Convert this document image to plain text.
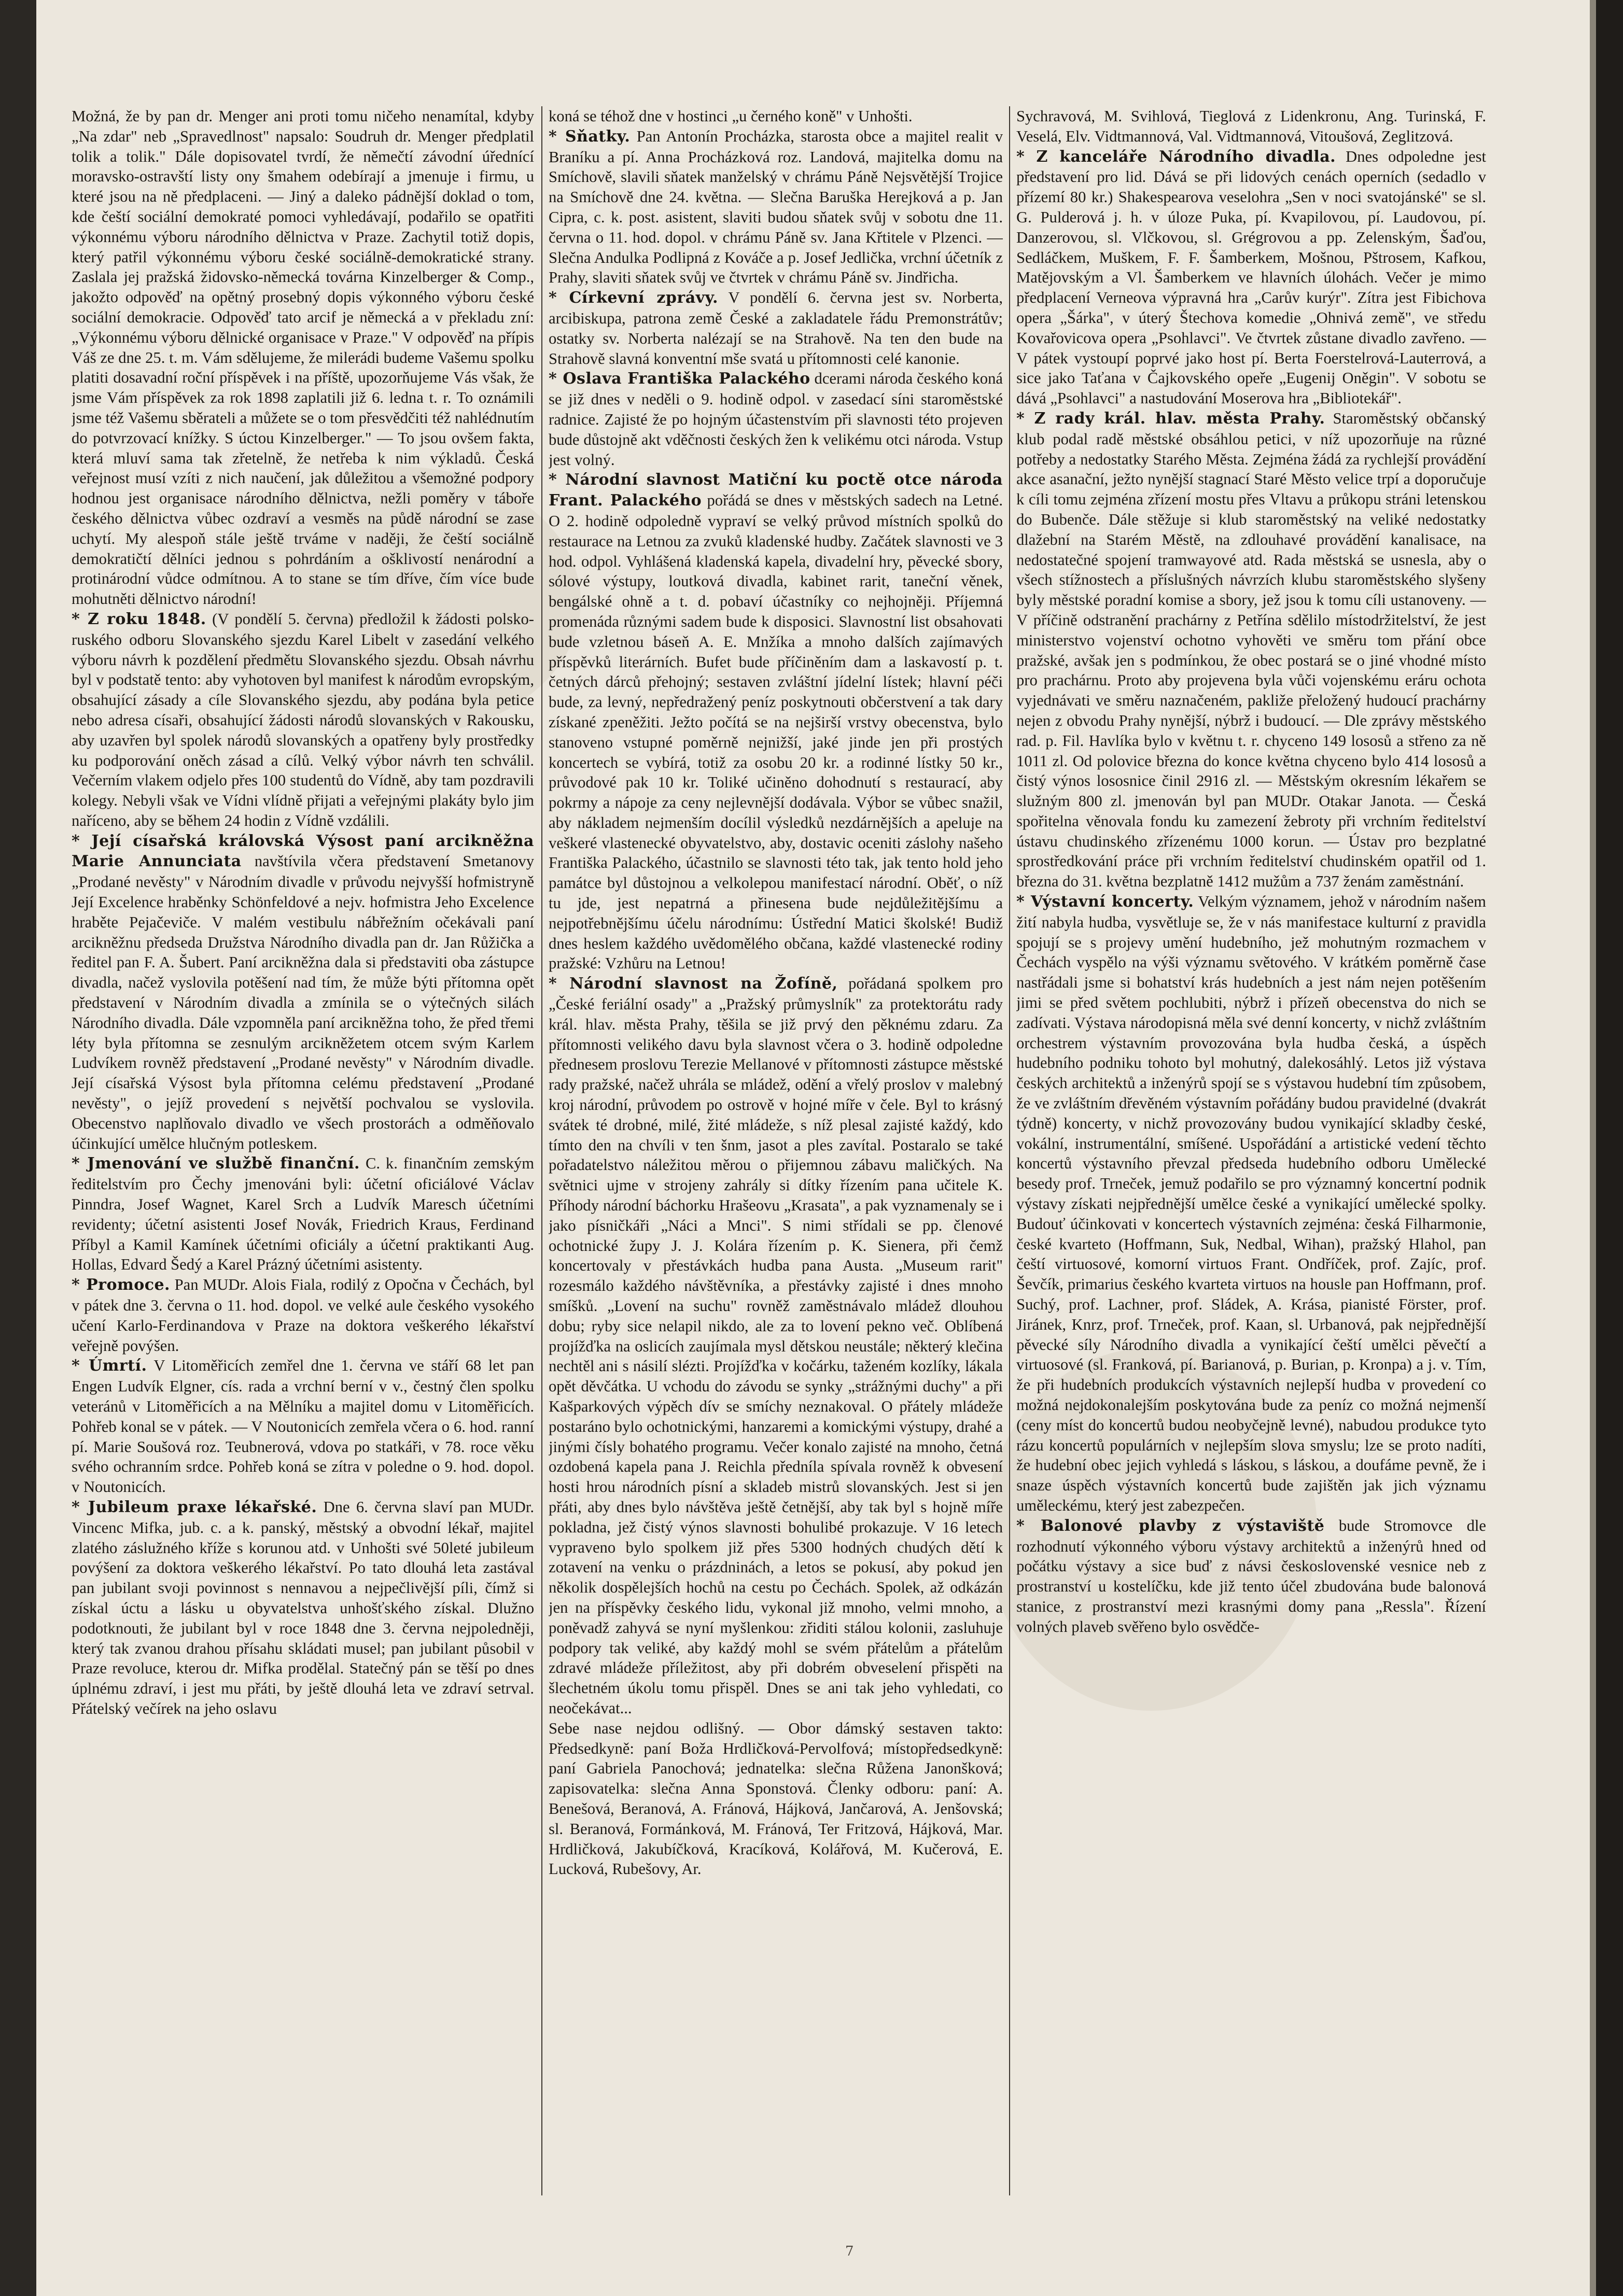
Možná, že by pan dr. Menger ani proti tomu ničeho nenamítal, kdyby „Na zdar" neb „Spravedlnost" napsalo: Soudruh dr. Menger předplatil tolik a tolik." Dále dopisovatel tvrdí, že němečtí závodní úřednící moravsko-ostravští listy ony šmahem odebírají a jmenuje i firmu, u které jsou na ně předplaceni. — Jiný a daleko pádnější doklad o tom, kde čeští sociální demokraté pomoci vyhledávají, podařilo se opatřiti výkonnému výboru národního dělnictva v Praze. Zachytil totiž dopis, který patřil výkonnému výboru české sociálně-demokratické strany. Zaslala jej pražská židovsko-německá továrna Kinzelberger & Comp., jakožto odpověď na opětný prosebný dopis výkonného výboru české sociální demokracie. Odpověď tato arcif je německá a v překladu zní: „Výkonnému výboru dělnické organisace v Praze." V odpověď na přípis Váš ze dne 25. t. m. Vám sdělujeme, že milerádi budeme Vašemu spolku platiti dosavadní roční příspěvek i na příště, upozorňujeme Vás však, že jsme Vám příspěvek za rok 1898 zaplatili již 6. ledna t. r. To oznámili jsme též Vašemu sběrateli a můžete se o tom přesvědčiti též nahlédnutím do potvrzovací knížky. S úctou Kinzelberger." — To jsou ovšem fakta, která mluví sama tak zřetelně, že netřeba k nim výkladů. Česká veřejnost musí vzíti z nich naučení, jak důležitou a všemožné podpory hodnou jest organisace národního dělnictva, nežli poměry v táboře českého dělnictva vůbec ozdraví a vesměs na půdě národní se zase uchytí. My alespoň stále ještě trváme v naději, že čeští sociálně demokratičtí dělníci jednou s pohrdáním a ošklivostí nenárodní a protinárodní vůdce odmítnou. A to stane se tím dříve, čím více bude mohutněti dělnictvo národní!

* Z roku 1848. (V pondělí 5. června) předložil k žádosti polsko-ruského odboru Slovanského sjezdu Karel Libelt v zasedání velkého výboru návrh k pozdělení předmětu Slovanského sjezdu. Obsah návrhu byl v podstatě tento: aby vyhotoven byl manifest k národům evropským, obsahující zásady a cíle Slovanského sjezdu, aby podána byla petice nebo adresa císaři, obsahující žádosti národů slovanských v Rakousku, aby uzavřen byl spolek národů slovanských a opatřeny byly prostředky ku podporování oněch zásad a cílů. Velký výbor návrh ten schválil. Večerním vlakem odjelo přes 100 studentů do Vídně, aby tam pozdravili kolegy. Nebyli však ve Vídni vlídně přijati a veřejnými plakáty bylo jim naříceno, aby se během 24 hodin z Vídně vzdálili.

* Její císařská královská Výsost paní arcikněžna Marie Annunciata navštívila včera představení Smetanovy „Prodané nevěsty" v Národním divadle v průvodu nejvyšší hofmistryně Její Excelence hraběnky Schönfeldové a nejv. hofmistra Jeho Excelence hraběte Pejačeviče. V malém vestibulu nábřežním očekávali paní arcikněžnu předseda Družstva Národního divadla pan dr. Jan Růžička a ředitel pan F. A. Šubert. Paní arcikněžna dala si představiti oba zástupce divadla, načež vyslovila potěšení nad tím, že může býti přítomna opět představení v Národním divadla a zmínila se o výtečných silách Národního divadla. Dále vzpomněla paní arcikněžna toho, že před třemi léty byla přítomna se zesnulým arcikněžetem otcem svým Karlem Ludvíkem rovněž představení „Prodané nevěsty" v Národním divadle. Její císařská Výsost byla přítomna celému představení „Prodané nevěsty", o jejíž provedení s největší pochvalou se vyslovila. Obecenstvo naplňovalo divadlo ve všech prostorách a odměňovalo účinkující umělce hlučným potleskem.

* Jmenování ve službě finanční. C. k. finančním zemským ředitelstvím pro Čechy jmenováni byli: účetní oficiálové Václav Pinndra, Josef Wagnet, Karel Srch a Ludvík Maresch účetními revidenty; účetní asistenti Josef Novák, Friedrich Kraus, Ferdinand Příbyl a Kamil Kamínek účetními oficiály a účetní praktikanti Aug. Hollas, Edvard Šedý a Karel Prázný účetními asistenty.

* Promoce. Pan MUDr. Alois Fiala, rodilý z Opočna v Čechách, byl v pátek dne 3. června o 11. hod. dopol. ve velké aule českého vysokého učení Karlo-Ferdinandova v Praze na doktora veškerého lékařství veřejně povýšen.

* Úmrtí. V Litoměřicích zemřel dne 1. června ve stáří 68 let pan Engen Ludvík Elgner, cís. rada a vrchní berní v v., čestný člen spolku veteránů v Litoměřicích a na Mělníku a majitel domu v Litoměřicích. Pohřeb konal se v pátek. — V Noutonicích zemřela včera o 6. hod. ranní pí. Marie Soušová roz. Teubnerová, vdova po statkáři, v 78. roce věku svého ochranním srdce. Pohřeb koná se zítra v poledne o 9. hod. dopol. v Noutonicích.

* Jubileum praxe lékařské. Dne 6. června slaví pan MUDr. Vincenc Mifka, jub. c. a k. panský, městský a obvodní lékař, majitel zlatého záslužného kříže s korunou atd. v Unhošti své 50leté jubileum povýšení za doktora veškerého lékařství. Po tato dlouhá leta zastával pan jubilant svoji povinnost s nennavou a nejpečlivější píli, čímž si získal úctu a lásku u obyvatelstva unhošťského získal. Dlužno podotknouti, že jubilant byl v roce 1848 dne 3. června nejpoledněji, který tak zvanou drahou přísahu skládati musel; pan jubilant působil v Praze revoluce, kterou dr. Mifka prodělal. Statečný pán se těší po dnes úplnému zdraví, i jest mu přáti, by ještě dlouhá leta ve zdraví setrval. Přátelský večírek na jeho oslavu

koná se téhož dne v hostinci „u černého koně" v Unhošti.

* Sňatky. Pan Antonín Procházka, starosta obce a majitel realit v Braníku a pí. Anna Procházková roz. Landová, majitelka domu na Smíchově, slavili sňatek manželský v chrámu Páně Nejsvětější Trojice na Smíchově dne 24. května. — Slečna Baruška Herejková a p. Jan Cipra, c. k. post. asistent, slaviti budou sňatek svůj v sobotu dne 11. června o 11. hod. dopol. v chrámu Páně sv. Jana Křtitele v Plzenci. — Slečna Andulka Podlipná z Kováče a p. Josef Jedlička, vrchní účetník z Prahy, slaviti sňatek svůj ve čtvrtek v chrámu Páně sv. Jindřicha.

* Církevní zprávy. V pondělí 6. června jest sv. Norberta, arcibiskupa, patrona země České a zakladatele řádu Premonstrátův; ostatky sv. Norberta nalézají se na Strahově. Na ten den bude na Strahově slavná konventní mše svatá u přítomnosti celé kanonie.

* Oslava Františka Palackého dcerami národa českého koná se již dnes v neděli o 9. hodině odpol. v zasedací síni staroměstské radnice. Zajisté že po hojným účastenstvím při slavnosti této projeven bude důstojně akt vděčnosti českých žen k velikému otci národa. Vstup jest volný.

* Národní slavnost Matiční ku poctě otce národa Frant. Palackého pořádá se dnes v městských sadech na Letné. O 2. hodině odpoledně vypraví se velký průvod místních spolků do restaurace na Letnou za zvuků kladenské hudby. Začátek slavnosti ve 3 hod. odpol. Vyhlášená kladenská kapela, divadelní hry, pěvecké sbory, sólové výstupy, loutková divadla, kabinet rarit, taneční věnek, bengálské ohně a t. d. pobaví účastníky co nejhojněji. Příjemná promenáda různými sadem bude k disposici. Slavnostní list obsahovati bude vzletnou báseň A. E. Mnžíka a mnoho dalších zajímavých příspěvků literárních. Bufet bude příčiněním dam a laskavostí p. t. četných dárců přehojný; sestaven zvláštní jídelní lístek; hlavní péči bude, za levný, nepředražený peníz poskytnouti občerstvení a tak dary získané zpeněžiti. Ježto počítá se na nejširší vrstvy obecenstva, bylo stanoveno vstupné poměrně nejnižší, jaké jinde jen při prostých koncertech se vybírá, totiž za osobu 20 kr. a rodinné lístky 50 kr., průvodové pak 10 kr. Toliké učiněno dohodnutí s restaurací, aby pokrmy a nápoje za ceny nejlevnější dodávala. Výbor se vůbec snažil, aby nákladem nejmenším docílil výsledků nezdárnějších a apeluje na veškeré vlastenecké obyvatelstvo, aby, dostavic oceniti záslohy našeho Františka Palackého, účastnilo se slavnosti této tak, jak tento hold jeho památce byl důstojnou a velkolepou manifestací národní. Oběť, o níž tu jde, jest nepatrná a přinesena bude nejdůležitějšímu a nejpotřebnějšímu účelu národnímu: Ústřední Matici školské! Budiž dnes heslem každého uvědomělého občana, každé vlastenecké rodiny pražské: Vzhůru na Letnou!

* Národní slavnost na Žofíně, pořádaná spolkem pro „České feriální osady" a „Pražský průmyslník" za protektorátu rady král. hlav. města Prahy, těšila se již prvý den pěknému zdaru. Za přítomnosti velikého davu byla slavnost včera o 3. hodině odpoledne přednesem proslovu Terezie Mellanové v přítomnosti zástupce městské rady pražské, načež uhrála se mládež, odění a vřelý proslov v malebný kroj národní, průvodem po ostrově v hojné míře v čele. Byl to krásný svátek té drobné, milé, žité mládeže, s níž plesal zajisté každý, kdo tímto den na chvíli v ten šnm, jasot a ples zavítal. Postaralo se také pořadatelstvo náležitou měrou o přijemnou zábavu maličkých. Na světnici ujme v strojeny zahrály si dítky řízením pana učitele K. Příhody národní báchorku Hrašeovu „Krasata", a pak vyznamenaly se i jako písničkáři „Náci a Mnci". S nimi střídali se pp. členové ochotnické župy J. J. Kolára řízením p. K. Sienera, při čemž koncertovaly v přestávkách hudba pana Austa. „Museum rarit" rozesmálo každého návštěvníka, a přestávky zajisté i dnes mnoho smíšků. „Lovení na suchu" rovněž zaměstnávalo mládež dlouhou dobu; ryby sice nelapil nikdo, ale za to lovení pekno več. Oblíbená projížďka na oslicích zaujímala mysl dětskou neustále; některý klečina nechtěl ani s násilí slézti. Projížďka v kočárku, taženém kozlíky, lákala opět děvčátka. U vchodu do závodu se synky „strážnými duchy" a při Kašparkových výpěch dív se smíchy neznakoval. O přátely mládeže postaráno bylo ochotnickými, hanzaremi a komickými výstupy, drahé a jinými čísly bohatého programu. Večer konalo zajisté na mnoho, četná ozdobená kapela pana J. Reichla předníla spívala rovněž k obvesení hosti hrou národních písní a skladeb mistrů slovanských. Jest si jen přáti, aby dnes bylo návštěva ještě četnější, aby tak byl s hojně míře pokladna, jež čistý výnos slavnosti bohulibé prokazuje. V 16 letech vypraveno bylo spolkem již přes 5300 hodných chudých dětí k zotavení na venku o prázdninách, a letos se pokusí, aby pokud jen několik dospělejších hochů na cestu po Čechách. Spolek, až odkázán jen na příspěvky českého lidu, vykonal již mnoho, velmi mnoho, a poněvadž zahyvá se nyní myšlenkou: zřiditi stálou kolonii, zasluhuje podpory tak veliké, aby každý mohl se svém přátelům a přátelům zdravé mládeže příležitost, aby při dobrém obveselení přispěti na šlechetném úkolu tomu přispěl. Dnes se ani tak jeho vyhledati, co neočekávat...

Sebe nase nejdou odlišný. — Obor dámský sestaven takto: Předsedkyně: paní Boža Hrdličková-Pervolfová; místopředsedkyně: paní Gabriela Panochová; jednatelka: slečna Růžena Janonšková; zapisovatelka: slečna Anna Sponstová. Členky odboru: paní: A. Benešová, Beranová, A. Fránová, Hájková, Jančarová, A. Jenšovská; sl. Beranová, Formánková, M. Fránová, Ter Fritzová, Hájková, Mar. Hrdličková, Jakubíčková, Kracíková, Kolářová, M. Kučerová, E. Lucková, Rubešovy, Ar.

Sychravová, M. Svihlová, Tieglová z Lidenkronu, Ang. Turinská, F. Veselá, Elv. Vidtmannová, Val. Vidtmannová, Vitoušová, Zeglitzová.

* Z kanceláře Národního divadla. Dnes odpoledne jest představení pro lid. Dává se při lidových cenách operních (sedadlo v přízemí 80 kr.) Shakespearova veselohra „Sen v noci svatojánské" se sl. G. Pulderová j. h. v úloze Puka, pí. Kvapilovou, pí. Laudovou, pí. Danzerovou, sl. Vlčkovou, sl. Grégrovou a pp. Zelenským, Šaďou, Sedláčkem, Muškem, F. F. Šamberkem, Mošnou, Pštrosem, Kafkou, Matějovským a Vl. Šamberkem ve hlavních úlohách. Večer je mimo předplacení Verneova výpravná hra „Carův kurýr". Zítra jest Fibichova opera „Šárka", v úterý Štechova komedie „Ohnivá země", ve středu Kovařovicova opera „Psohlavci". Ve čtvrtek zůstane divadlo zavřeno. — V pátek vystoupí poprvé jako host pí. Berta Foerstelrová-Lauterrová, a sice jako Taťana v Čajkovského opeře „Eugenij Oněgin". V sobotu se dává „Psohlavci" a nastudování Moserova hra „Bibliotekář".

* Z rady král. hlav. města Prahy. Staroměstský občanský klub podal radě městské obsáhlou petici, v níž upozorňuje na různé potřeby a nedostatky Starého Města. Zejména žádá za rychlejší provádění akce asanační, ježto nynější stagnací Staré Město velice trpí a doporučuje k cíli tomu zejména zřízení mostu přes Vltavu a průkopu stráni letenskou do Bubenče. Dále stěžuje si klub staroměstský na veliké nedostatky dlažební na Starém Městě, na zdlouhavé provádění kanalisace, na nedostatečné spojení tramwayové atd. Rada městská se usnesla, aby o všech stížnostech a příslušných návrzích klubu staroměstského slyšeny byly městské poradní komise a sbory, jež jsou k tomu cíli ustanoveny. — V příčině odstranění prachárny z Petřína sdělilo místodržitelství, že jest ministerstvo vojenství ochotno vyhověti ve směru tom přání obce pražské, avšak jen s podmínkou, že obec postará se o jiné vhodné místo pro prachárnu. Proto aby projevena byla vůči vojenskému eráru ochota vyjednávati ve směru naznačeném, pakliže přeložený hudoucí prachárny nejen z obvodu Prahy nynější, nýbrž i budoucí. — Dle zprávy městského rad. p. Fil. Havlíka bylo v květnu t. r. chyceno 149 lososů a střeno za ně 1011 zl. Od polovice března do konce května chyceno bylo 414 lososů a čistý výnos lososnice činil 2916 zl. — Městským okresním lékařem se služným 800 zl. jmenován byl pan MUDr. Otakar Janota. — Česká spořitelna věnovala fondu ku zamezení žebroty při vrchním ředitelství ústavu chudinského zřízenému 1000 korun. — Ústav pro bezplatné sprostředkování práce při vrchním ředitelství chudinském opatřil od 1. března do 31. května bezplatně 1412 mužům a 737 ženám zaměstnání.

* Výstavní koncerty. Velkým významem, jehož v národním našem žití nabyla hudba, vysvětluje se, že v nás manifestace kulturní z pravidla spojují se s projevy umění hudebního, jež mohutným rozmachem v Čechách vyspělo na výši významu světového. V krátkém poměrně čase nastřádali jsme si bohatství krás hudebních a jest nám nejen potěšením jimi se před světem pochlubiti, nýbrž i přízeň obecenstva do nich se zadívati. Výstava národopisná měla své denní koncerty, v nichž zvláštním orchestrem výstavním provozována byla hudba česká, a úspěch hudebního podniku tohoto byl mohutný, dalekosáhlý. Letos již výstava českých architektů a inženýrů spojí se s výstavou hudební tím způsobem, že ve zvláštním dřevěném výstavním pořádány budou pravidelné (dvakrát týdně) koncerty, v nichž provozovány budou vynikající skladby české, vokální, instrumentální, smíšené. Uspořádání a artistické vedení těchto koncertů výstavního převzal předseda hudebního odboru Umělecké besedy prof. Trneček, jemuž podařilo se pro významný koncertní podnik výstavy získati nejpřednější umělce české a vynikající umělecké spolky. Budouť účinkovati v koncertech výstavních zejména: česká Filharmonie, české kvarteto (Hoffmann, Suk, Nedbal, Wihan), pražský Hlahol, pan čeští virtuosové, komorní virtuos Frant. Ondříček, prof. Zajíc, prof. Ševčík, primarius českého kvarteta virtuos na housle pan Hoffmann, prof. Suchý, prof. Lachner, prof. Sládek, A. Krása, pianisté Förster, prof. Jiránek, Knrz, prof. Trneček, prof. Kaan, sl. Urbanová, pak nejpřednější pěvecké síly Národního divadla a vynikající čeští umělci pěvečtí a virtuosové (sl. Franková, pí. Barianová, p. Burian, p. Kronpa) a j. v. Tím, že při hudebních produkcích výstavních nejlepší hudba v provedení co možná nejdokonalejším poskytována bude za peníz co možná nejmenší (ceny míst do koncertů budou neobyčejně levné), nabudou produkce tyto rázu koncertů populárních v nejlepším slova smyslu; lze se proto nadíti, že hudební obec jejich vyhledá s láskou, s láskou, a doufáme pevně, že i snaze úspěch výstavních koncertů bude zajištěn jak jich významu uměleckému, který jest zabezpečen.

* Balonové plavby z výstaviště bude Stromovce dle rozhodnutí výkonného výboru výstavy architektů a inženýrů hned od počátku výstavy a sice buď z návsi československé vesnice neb z prostranství u kostelíčku, kde již tento účel zbudována bude balonová stanice, z prostranství mezi krasnými domy pana „Ressla". Řízení volných plaveb svěřeno bylo osvědče-

7
